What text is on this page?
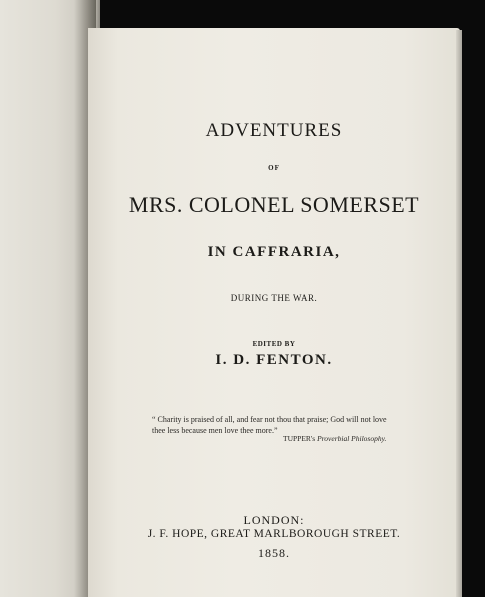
ADVENTURES

OF

MRS. COLONEL SOMERSET

IN CAFFRARIA,

DURING THE WAR.

EDITED BY

I. D. FENTON.

“ Charity is praised of all, and fear not thou that praise; God will not love thee less because men love thee more.”

TUPPER's Proverbial Philosophy.

LONDON:

J. F. HOPE, GREAT MARLBOROUGH STREET.

1858.
